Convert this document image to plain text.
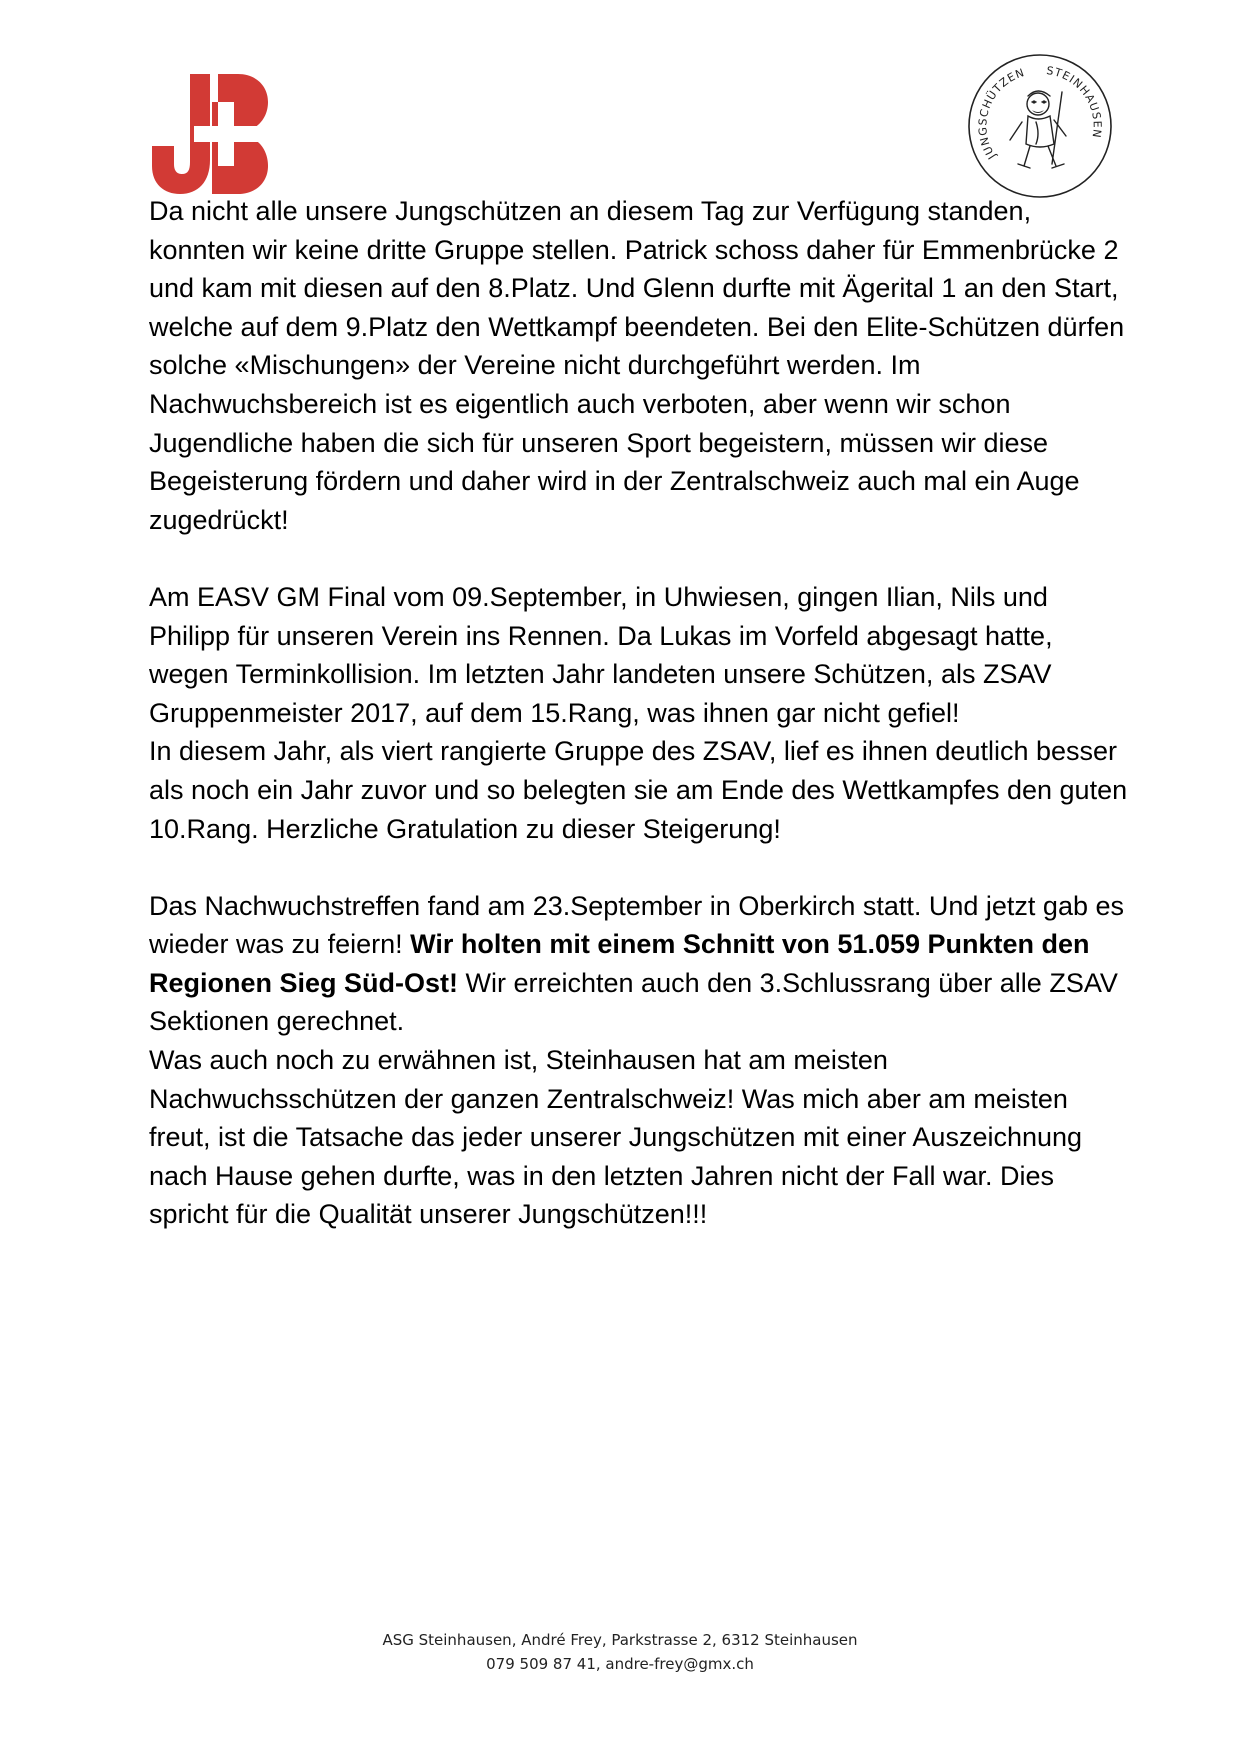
JUNGSCHÜTZEN STEINHAUSEN

Da nicht alle unsere Jungschützen an diesem Tag zur Verfügung standen, konnten wir keine dritte Gruppe stellen. Patrick schoss daher für Emmenbrücke 2 und kam mit diesen auf den 8.Platz. Und Glenn durfte mit Ägerital 1 an den Start, welche auf dem 9.Platz den Wettkampf beendeten. Bei den Elite-Schützen dürfen solche «Mischungen» der Vereine nicht durchgeführt werden. Im Nachwuchsbereich ist es eigentlich auch verboten, aber wenn wir schon Jugendliche haben die sich für unseren Sport begeistern, müssen wir diese Begeisterung fördern und daher wird in der Zentralschweiz auch mal ein Auge zugedrückt!

Am EASV GM Final vom 09.September, in Uhwiesen, gingen Ilian, Nils und Philipp für unseren Verein ins Rennen. Da Lukas im Vorfeld abgesagt hatte, wegen Terminkollision. Im letzten Jahr landeten unsere Schützen, als ZSAV Gruppenmeister 2017, auf dem 15.Rang, was ihnen gar nicht gefiel!

In diesem Jahr, als viert rangierte Gruppe des ZSAV, lief es ihnen deutlich besser als noch ein Jahr zuvor und so belegten sie am Ende des Wettkampfes den guten 10.Rang. Herzliche Gratulation zu dieser Steigerung!

Das Nachwuchstreffen fand am 23.September in Oberkirch statt. Und jetzt gab es wieder was zu feiern! Wir holten mit einem Schnitt von 51.059 Punkten den Regionen Sieg Süd-Ost! Wir erreichten auch den 3.Schlussrang über alle ZSAV Sektionen gerechnet.

Was auch noch zu erwähnen ist, Steinhausen hat am meisten Nachwuchsschützen der ganzen Zentralschweiz! Was mich aber am meisten freut, ist die Tatsache das jeder unserer Jungschützen mit einer Auszeichnung nach Hause gehen durfte, was in den letzten Jahren nicht der Fall war. Dies spricht für die Qualität unserer Jungschützen!!!

ASG Steinhausen, André Frey, Parkstrasse 2, 6312 Steinhausen
079 509 87 41, andre-frey@gmx.ch
